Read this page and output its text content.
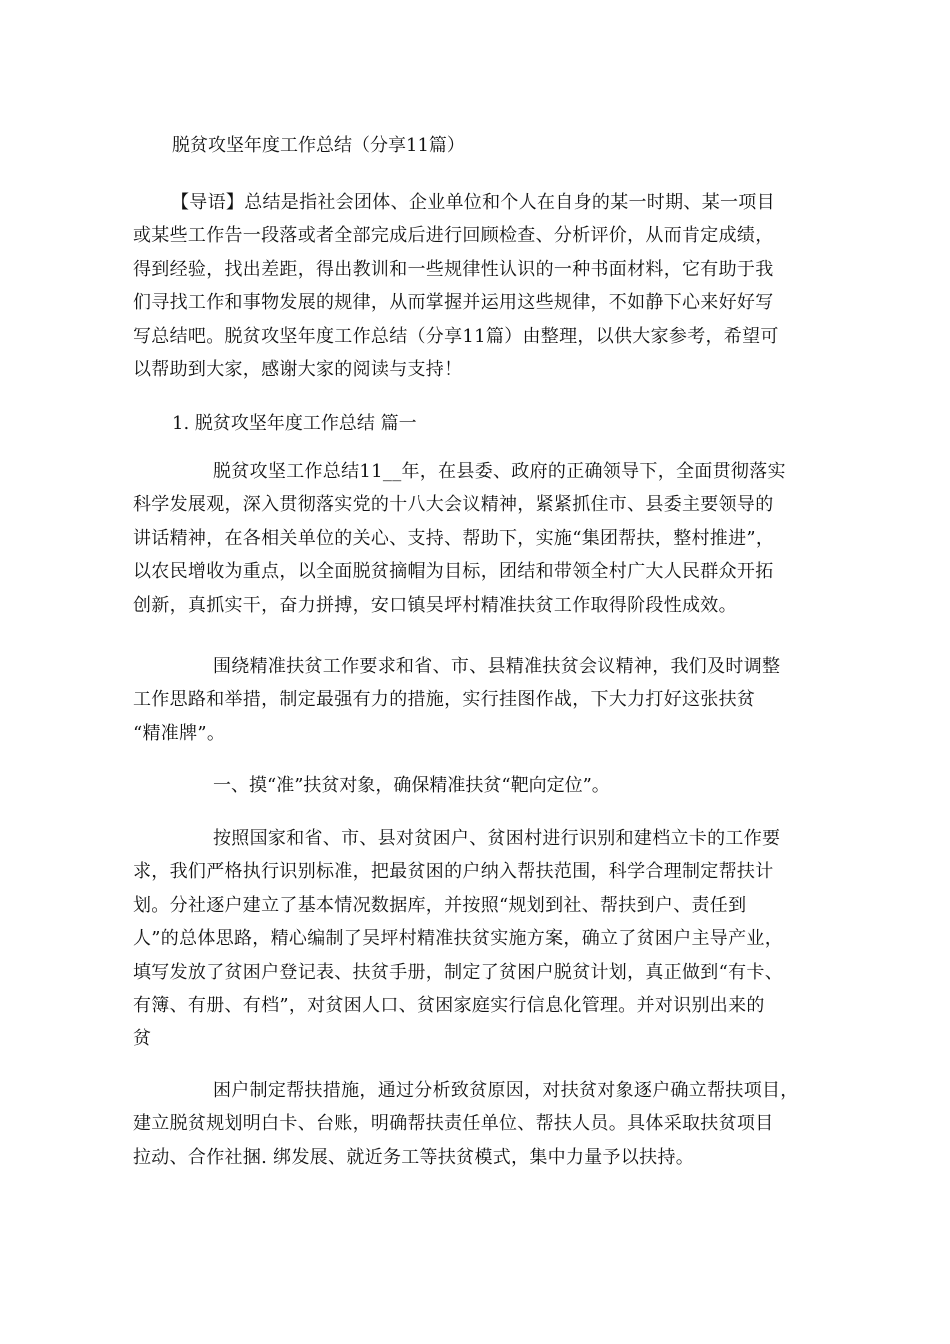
脱贫攻坚年度工作总结（分享11篇）
【导语】总结是指社会团体、企业单位和个人在自身的某一时期、某一项目
或某些工作告一段落或者全部完成后进行回顾检查、分析评价，从而肯定成绩，
得到经验，找出差距，得出教训和一些规律性认识的一种书面材料，它有助于我
们寻找工作和事物发展的规律，从而掌握并运用这些规律，不如静下心来好好写
写总结吧。脱贫攻坚年度工作总结（分享11篇）由整理，以供大家参考，希望可
以帮助到大家，感谢大家的阅读与支持！
1. 脱贫攻坚年度工作总结 篇一
脱贫攻坚工作总结11__年，在县委、政府的正确领导下，全面贯彻落实
科学发展观，深入贯彻落实党的十八大会议精神，紧紧抓住市、县委主要领导的
讲话精神，在各相关单位的关心、支持、帮助下，实施“集团帮扶，整村推进”，
以农民增收为重点，以全面脱贫摘帽为目标，团结和带领全村广大人民群众开拓
创新，真抓实干，奋力拼搏，安口镇吴坪村精准扶贫工作取得阶段性成效。
围绕精准扶贫工作要求和省、市、县精准扶贫会议精神，我们及时调整
工作思路和举措，制定最强有力的措施，实行挂图作战，下大力打好这张扶贫
“精准牌”。
一、摸“准”扶贫对象，确保精准扶贫“靶向定位”。
按照国家和省、市、县对贫困户、贫困村进行识别和建档立卡的工作要
求，我们严格执行识别标准，把最贫困的户纳入帮扶范围，科学合理制定帮扶计
划。分社逐户建立了基本情况数据库，并按照“规划到社、帮扶到户、责任到
人”的总体思路，精心编制了吴坪村精准扶贫实施方案，确立了贫困户主导产业，
填写发放了贫困户登记表、扶贫手册，制定了贫困户脱贫计划，真正做到“有卡、
有簿、有册、有档”，对贫困人口、贫困家庭实行信息化管理。并对识别出来的
贫
困户制定帮扶措施，通过分析致贫原因，对扶贫对象逐户确立帮扶项目，
建立脱贫规划明白卡、台账，明确帮扶责任单位、帮扶人员。具体采取扶贫项目
拉动、合作社捆. 绑发展、就近务工等扶贫模式，集中力量予以扶持。
